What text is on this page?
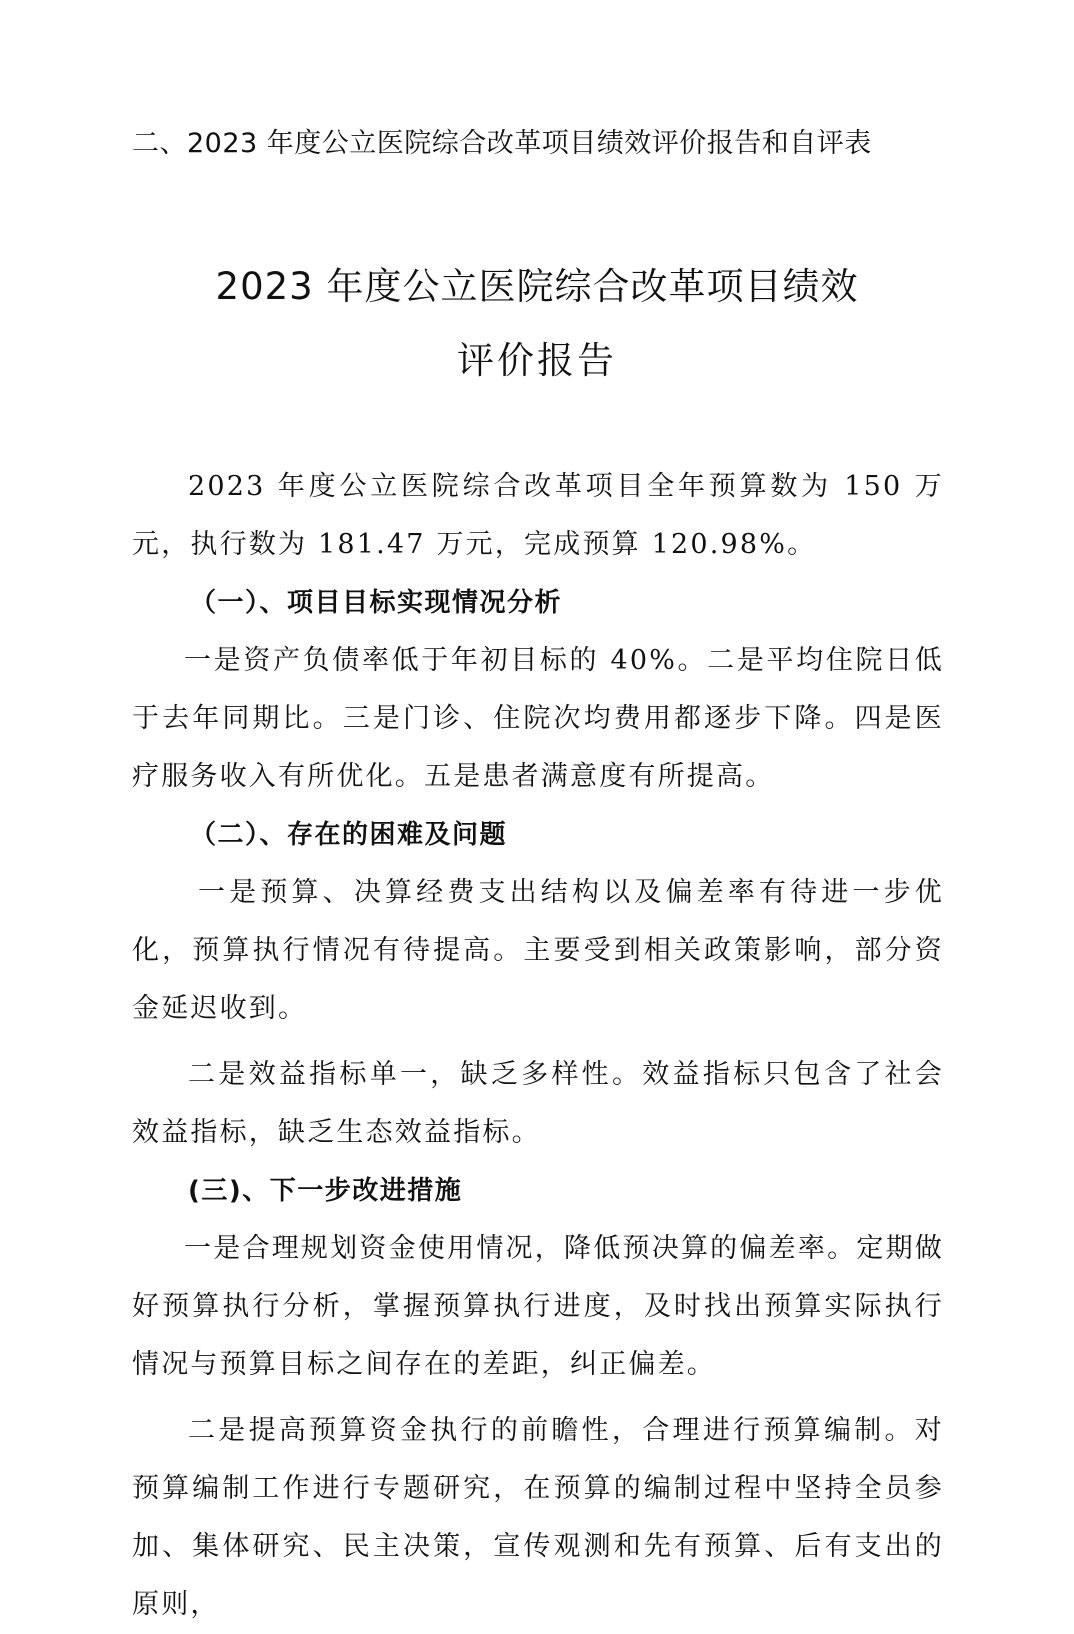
二、2023 年度公立医院综合改革项目绩效评价报告和自评表
2023 年度公立医院综合改革项目绩效
评价报告

2023 年度公立医院综合改革项目全年预算数为 150 万元，执行数为 181.47 万元，完成预算 120.98%。

（一）、项目目标实现情况分析

一是资产负债率低于年初目标的 40%。二是平均住院日低于去年同期比。三是门诊、住院次均费用都逐步下降。四是医疗服务收入有所优化。五是患者满意度有所提高。

（二）、存在的困难及问题

一是预算、决算经费支出结构以及偏差率有待进一步优化，预算执行情况有待提高。主要受到相关政策影响，部分资金延迟收到。

二是效益指标单一，缺乏多样性。效益指标只包含了社会效益指标，缺乏生态效益指标。

(三)、下一步改进措施

一是合理规划资金使用情况，降低预决算的偏差率。定期做好预算执行分析，掌握预算执行进度，及时找出预算实际执行情况与预算目标之间存在的差距，纠正偏差。

二是提高预算资金执行的前瞻性，合理进行预算编制。对预算编制工作进行专题研究，在预算的编制过程中坚持全员参加、集体研究、民主决策，宣传观测和先有预算、后有支出的原则，
